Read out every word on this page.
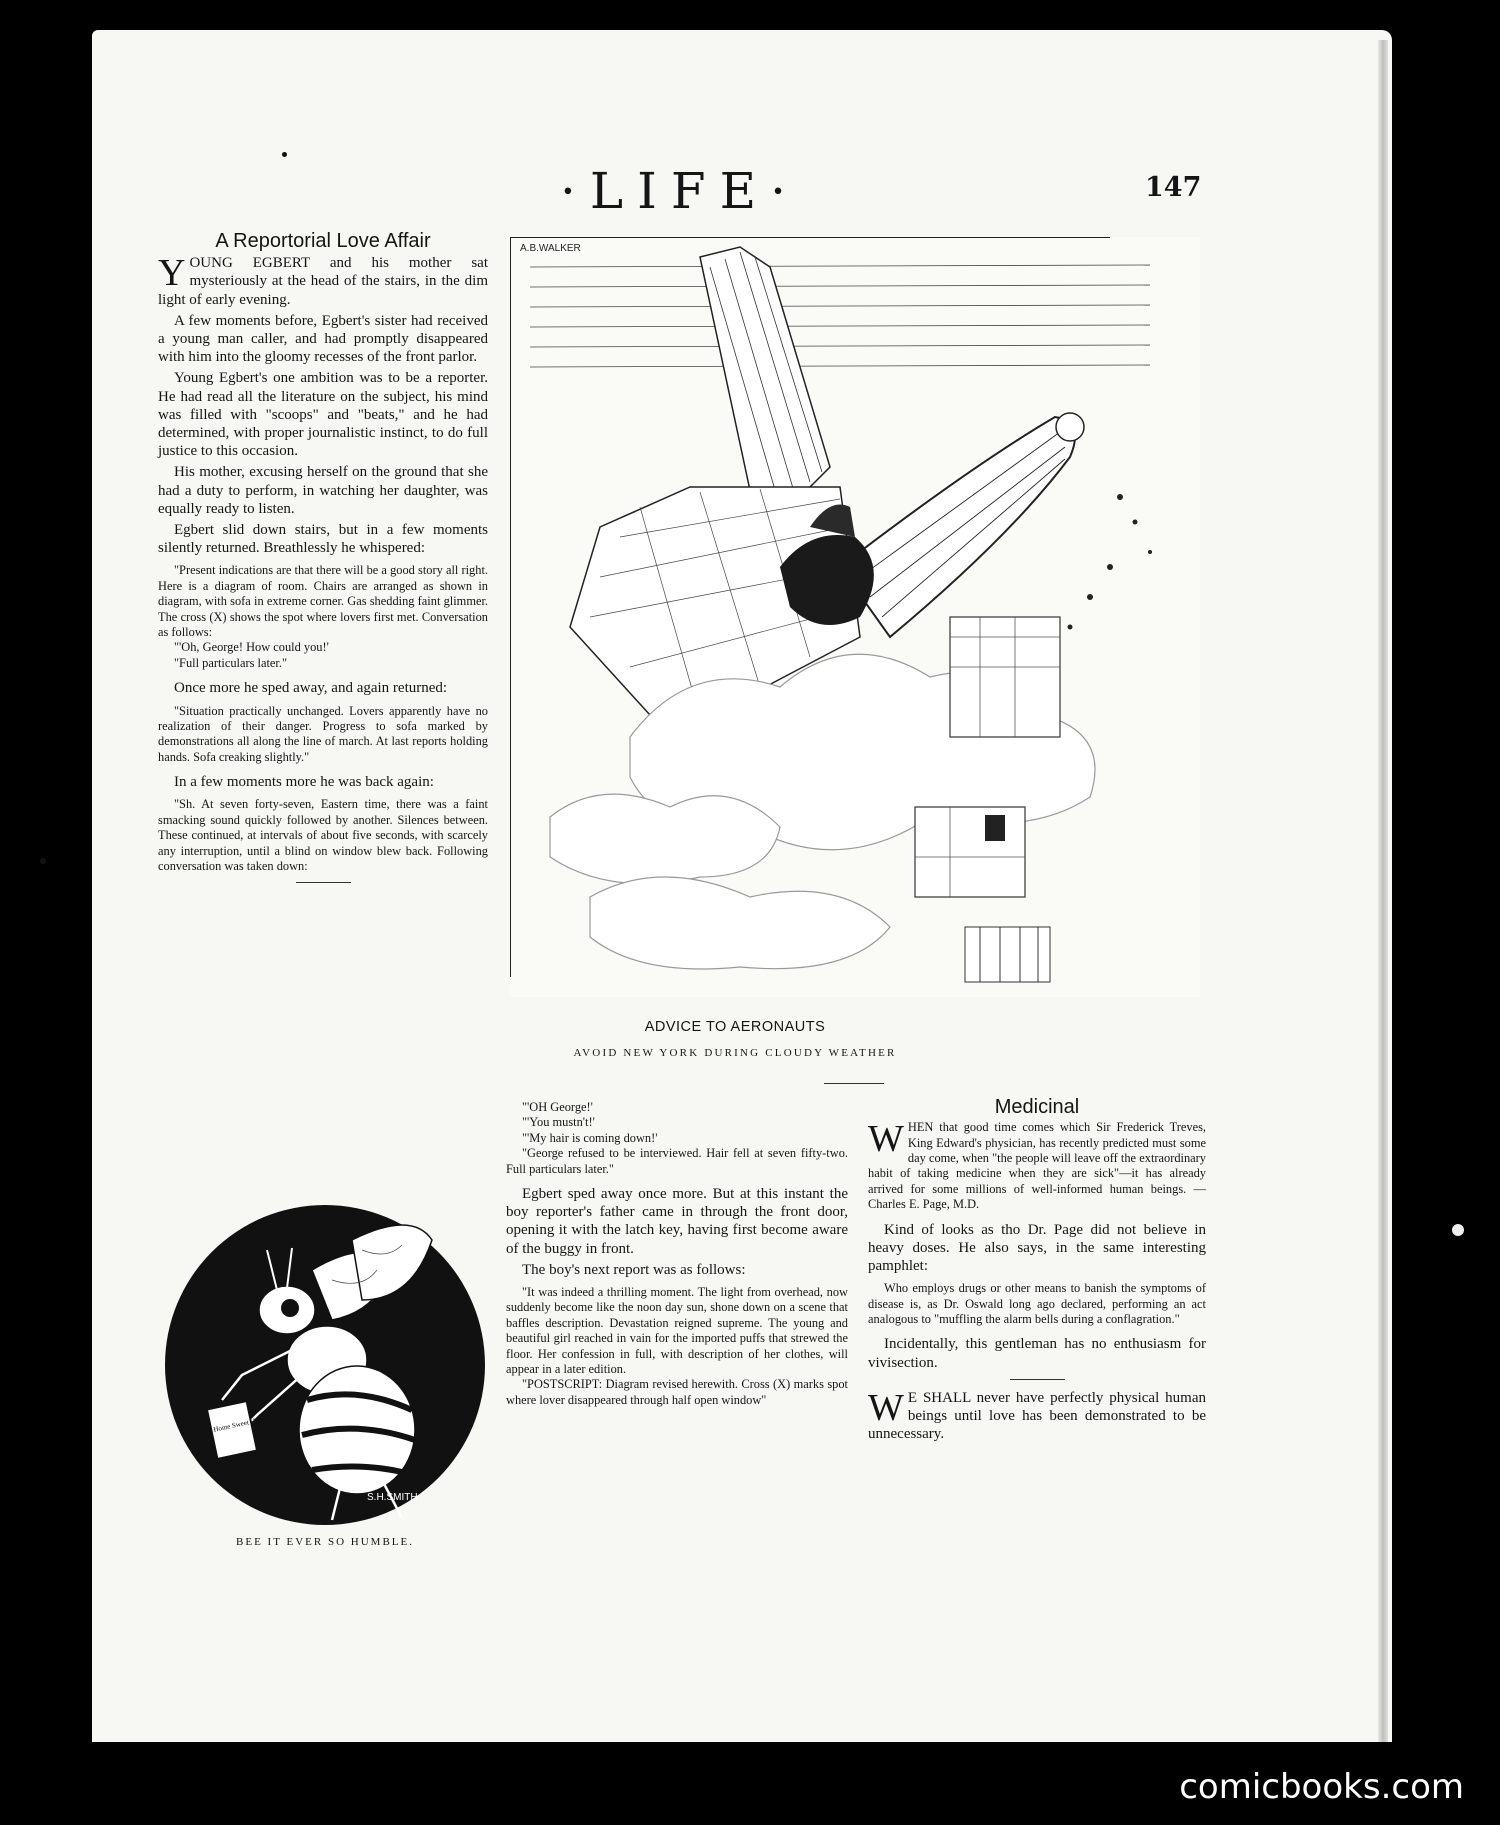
·LIFE·	147
A Reportorial Love Affair

YOUNG EGBERT and his mother sat mysteriously at the head of the stairs, in the dim light of early evening.

A few moments before, Egbert's sister had received a young man caller, and had promptly disappeared with him into the gloomy recesses of the front parlor.

Young Egbert's one ambition was to be a reporter. He had read all the literature on the subject, his mind was filled with "scoops" and "beats," and he had determined, with proper journalistic instinct, to do full justice to this occasion.

His mother, excusing herself on the ground that she had a duty to perform, in watching her daughter, was equally ready to listen.

Egbert slid down stairs, but in a few moments silently returned. Breathlessly he whispered:

"Present indications are that there will be a good story all right. Here is a diagram of room. Chairs are arranged as shown in diagram, with sofa in extreme corner. Gas shedding faint glimmer. The cross (X) shows the spot where lovers first met. Conversation as follows:

"'Oh, George! How could you!'

"Full particulars later."

Once more he sped away, and again returned:

"Situation practically unchanged. Lovers apparently have no realization of their danger. Progress to sofa marked by demonstrations all along the line of march. At last reports holding hands. Sofa creaking slightly."

In a few moments more he was back again:

"Sh. At seven forty-seven, Eastern time, there was a faint smacking sound quickly followed by another. Silences between. These continued, at intervals of about five seconds, with scarcely any interruption, until a blind on window blew back. Following conversation was taken down:

A.B.WALKER
ADVICE TO AERONAUTS
AVOID NEW YORK DURING CLOUDY WEATHER

"'OH George!'

"'You mustn't!'

"'My hair is coming down!'

"George refused to be interviewed. Hair fell at seven fifty-two. Full particulars later."

Egbert sped away once more. But at this instant the boy reporter's father came in through the front door, opening it with the latch key, having first become aware of the buggy in front.

The boy's next report was as follows:

"It was indeed a thrilling moment. The light from overhead, now suddenly become like the noon day sun, shone down on a scene that baffles description. Devastation reigned supreme. The young and beautiful girl reached in vain for the imported puffs that strewed the floor. Her confession in full, with description of her clothes, will appear in a later edition.

"POSTSCRIPT: Diagram revised herewith. Cross (X) marks spot where lover disappeared through half open window"

Medicinal

WHEN that good time comes which Sir Frederick Treves, King Edward's physician, has recently predicted must some day come, when "the people will leave off the extraordinary habit of taking medicine when they are sick"—it has already arrived for some millions of well-informed human beings. —Charles E. Page, M.D.

Kind of looks as tho Dr. Page did not believe in heavy doses. He also says, in the same interesting pamphlet:

Who employs drugs or other means to banish the symptoms of disease is, as Dr. Oswald long ago declared, performing an act analogous to "muffling the alarm bells during a conflagration."

Incidentally, this gentleman has no enthusiasm for vivisection.

W E SHALL never have perfectly physical human beings until love has been demonstrated to be unnecessary.

Home Sweet Home
S.H.SMITH
BEE IT EVER SO HUMBLE.
comicbooks.com
